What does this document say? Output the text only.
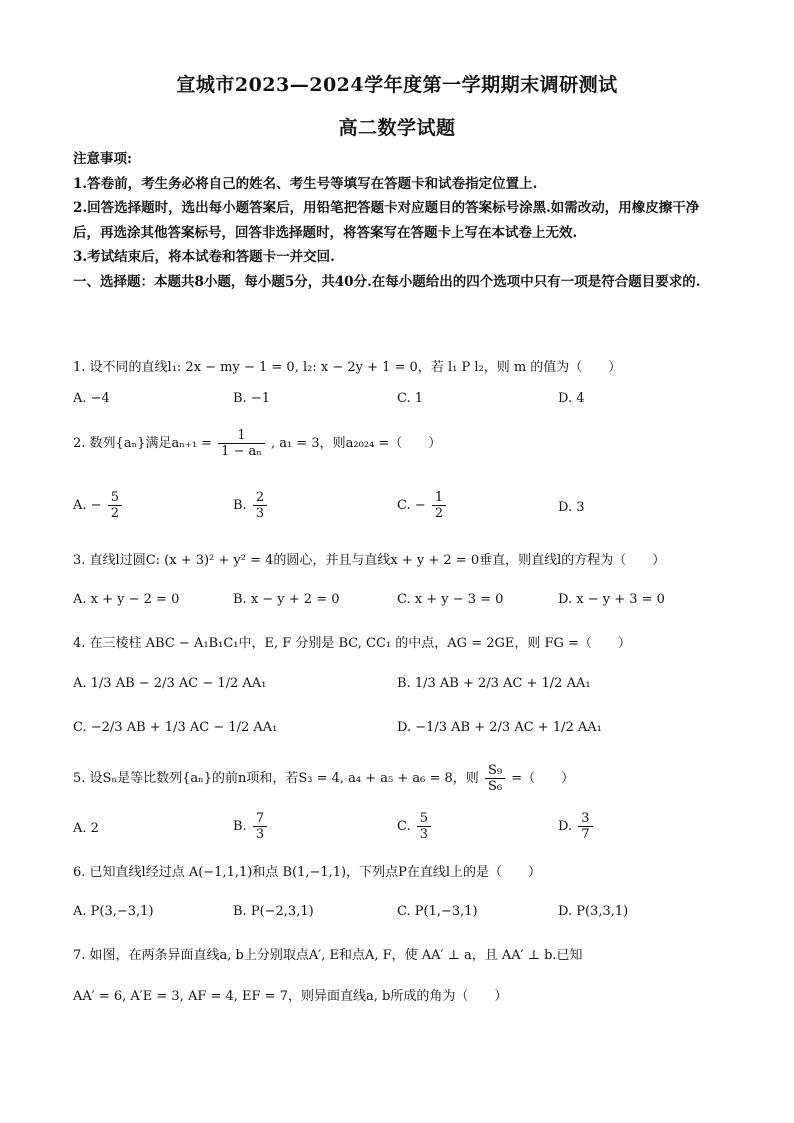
宣城市2023—2024学年度第一学期期末调研测试
高二数学试题

注意事项:

1.答卷前，考生务必将自己的姓名、考生号等填写在答题卡和试卷指定位置上.

2.回答选择题时，选出每小题答案后，用铅笔把答题卡对应题目的答案标号涂黑.如需改动，用橡皮擦干净后，再选涂其他答案标号，回答非选择题时，将答案写在答题卡上写在本试卷上无效.

3.考试结束后，将本试卷和答题卡一并交回.

一、选择题：本题共8小题，每小题5分，共40分.在每小题给出的四个选项中只有一项是符合题目要求的.

1. 设不同的直线l₁: 2x − my − 1 = 0, l₂: x − 2y + 1 = 0，若 l₁ P l₂，则 m 的值为（　　）
A. −4	B. −1	C. 1	D. 4
2. 数列{aₙ}满足$a_{n+1} = \frac{1}{\text{1 − aₙ}}$ , a₁ = 3，则a₂₀₂₄ =（　　）
A. − $\frac{5}{2}$	B. $\frac{2}{3}$	C. − $\frac{1}{2}$	D. 3
3. 直线l过圆C: (x + 3)² + y² = 4的圆心，并且与直线x + y + 2 = 0垂直，则直线l的方程为（　　）
A. x + y − 2 = 0	B. x − y + 2 = 0	C. x + y − 3 = 0	D. x − y + 3 = 0
4. 在三棱柱 ABC − A₁B₁C₁中，E, F 分别是 BC, CC₁ 的中点，AG = 2GE，则 FG =（　　）
A. 1/3 AB − 2/3 AC − 1/2 AA₁	B. 1/3 AB + 2/3 AC + 1/2 AA₁
C. −2/3 AB + 1/3 AC − 1/2 AA₁	D. −1/3 AB + 2/3 AC + 1/2 AA₁
5. 设Sₙ是等比数列{aₙ}的前n项和，若S₃ = 4, a₄ + a₅ + a₆ = 8，则 $\frac{\text{S₉}}{\text{S₆}}$ =（　　）
A. 2	B. $\frac{7}{3}$	C. $\frac{5}{3}$	D. $\frac{3}{7}$
6. 已知直线l经过点 A(−1,1,1)和点 B(1,−1,1)，下列点P在直线l上的是（　　）
A. P(3,−3,1)	B. P(−2,3,1)	C. P(1,−3,1)	D. P(3,3,1)
7. 如图，在两条异面直线a, b上分别取点A′, E和点A, F，使 AA′ ⊥ a，且 AA′ ⊥ b.已知
AA′ = 6, A′E = 3, AF = 4, EF = 7，则异面直线a, b所成的角为（　　）
